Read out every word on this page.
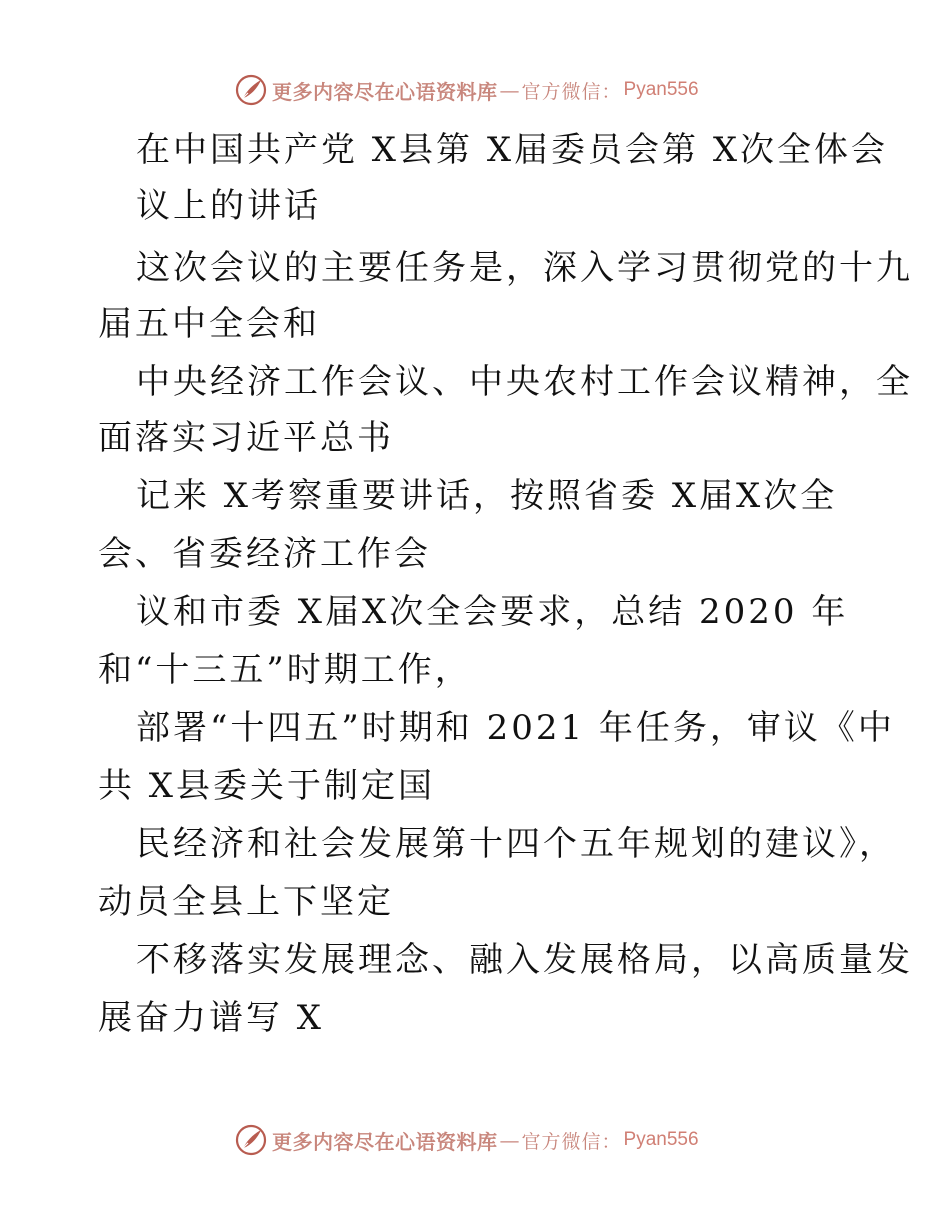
更多内容尽在心语资料库 — 官方微信： Pyan556
在中国共产党 X县第 X届委员会第 X次全体会
议上的讲话
这次会议的主要任务是，深入学习贯彻党的十九
届五中全会和
中央经济工作会议、中央农村工作会议精神，全
面落实习近平总书
记来 X考察重要讲话，按照省委 X届X次全
会、省委经济工作会
议和市委 X届X次全会要求，总结 2020 年
和“十三五”时期工作，
部署“十四五”时期和 2021 年任务，审议《中
共 X县委关于制定国
民经济和社会发展第十四个五年规划的建议》，
动员全县上下坚定
不移落实发展理念、融入发展格局，以高质量发
展奋力谱写 X
更多内容尽在心语资料库 — 官方微信： Pyan556
